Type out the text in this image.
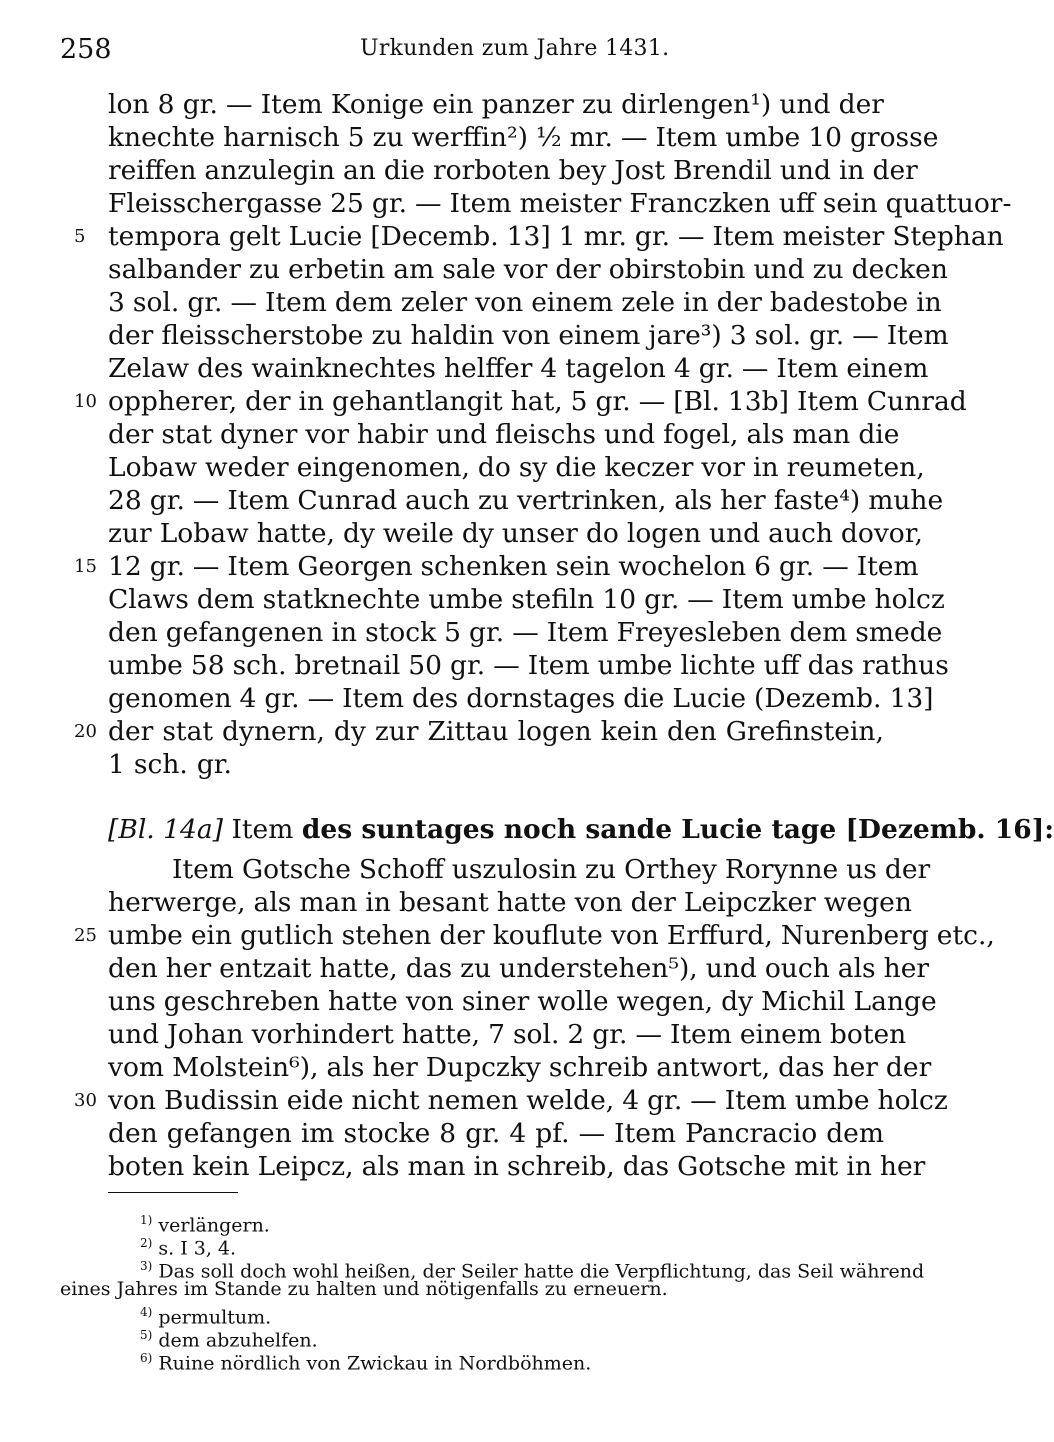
258	Urkunden zum Jahre 1431.
lon 8 gr. — Item Konige ein panzer zu dirlengen¹) und der
knechte harnisch 5 zu werffin²) ½ mr. — Item umbe 10 grosse
reiffen anzulegin an die rorboten bey Jost Brendil und in der
Fleisschergasse 25 gr. — Item meister Franczken uff sein quattuor-
tempora gelt Lucie [Decemb. 13] 1 mr. gr. — Item meister Stephan
salbander zu erbetin am sale vor der obirstobin und zu decken
3 sol. gr. — Item dem zeler von einem zele in der badestobe in
der fleisscherstobe zu haldin von einem jare³) 3 sol. gr. — Item
Zelaw des wainknechtes helffer 4 tagelon 4 gr. — Item einem
oppherer, der in gehantlangit hat, 5 gr. — [Bl. 13b] Item Cunrad
der stat dyner vor habir und fleischs und fogel, als man die
Lobaw weder eingenomen, do sy die keczer vor in reumeten,
28 gr. — Item Cunrad auch zu vertrinken, als her faste⁴) muhe
zur Lobaw hatte, dy weile dy unser do logen und auch dovor,
12 gr. — Item Georgen schenken sein wochelon 6 gr. — Item
Claws dem statknechte umbe stefiln 10 gr. — Item umbe holcz
den gefangenen in stock 5 gr. — Item Freyesleben dem smede
umbe 58 sch. bretnail 50 gr. — Item umbe lichte uff das rathus
genomen 4 gr. — Item des dornstages die Lucie (Dezemb. 13]
der stat dynern, dy zur Zittau logen kein den Grefinstein,
1 sch. gr.
[Bl. 14a] Item des suntages noch sande Lucie tage [Dezemb. 16]:
Item Gotsche Schoff uszulosin zu Orthey Rorynne us der
herwerge, als man in besant hatte von der Leipczker wegen
umbe ein gutlich stehen der kouflute von Erffurd, Nurenberg etc.,
den her entzait hatte, das zu understehen⁵), und ouch als her
uns geschreben hatte von siner wolle wegen, dy Michil Lange
und Johan vorhindert hatte, 7 sol. 2 gr. — Item einem boten
vom Molstein⁶), als her Dupczky schreib antwort, das her der
von Budissin eide nicht nemen welde, 4 gr. — Item umbe holcz
den gefangen im stocke 8 gr. 4 pf. — Item Pancracio dem
boten kein Leipcz, als man in schreib, das Gotsche mit in her
5
10
15
20
25
30
$^{1)}$ verlängern.
$^{2)}$ s. I 3, 4.
$^{3)}$ Das soll doch wohl heißen, der Seiler hatte die Verpflichtung, das Seil während
eines Jahres im Stande zu halten und nötigenfalls zu erneuern.
$^{4)}$ permultum.
$^{5)}$ dem abzuhelfen.
$^{6)}$ Ruine nördlich von Zwickau in Nordböhmen.
